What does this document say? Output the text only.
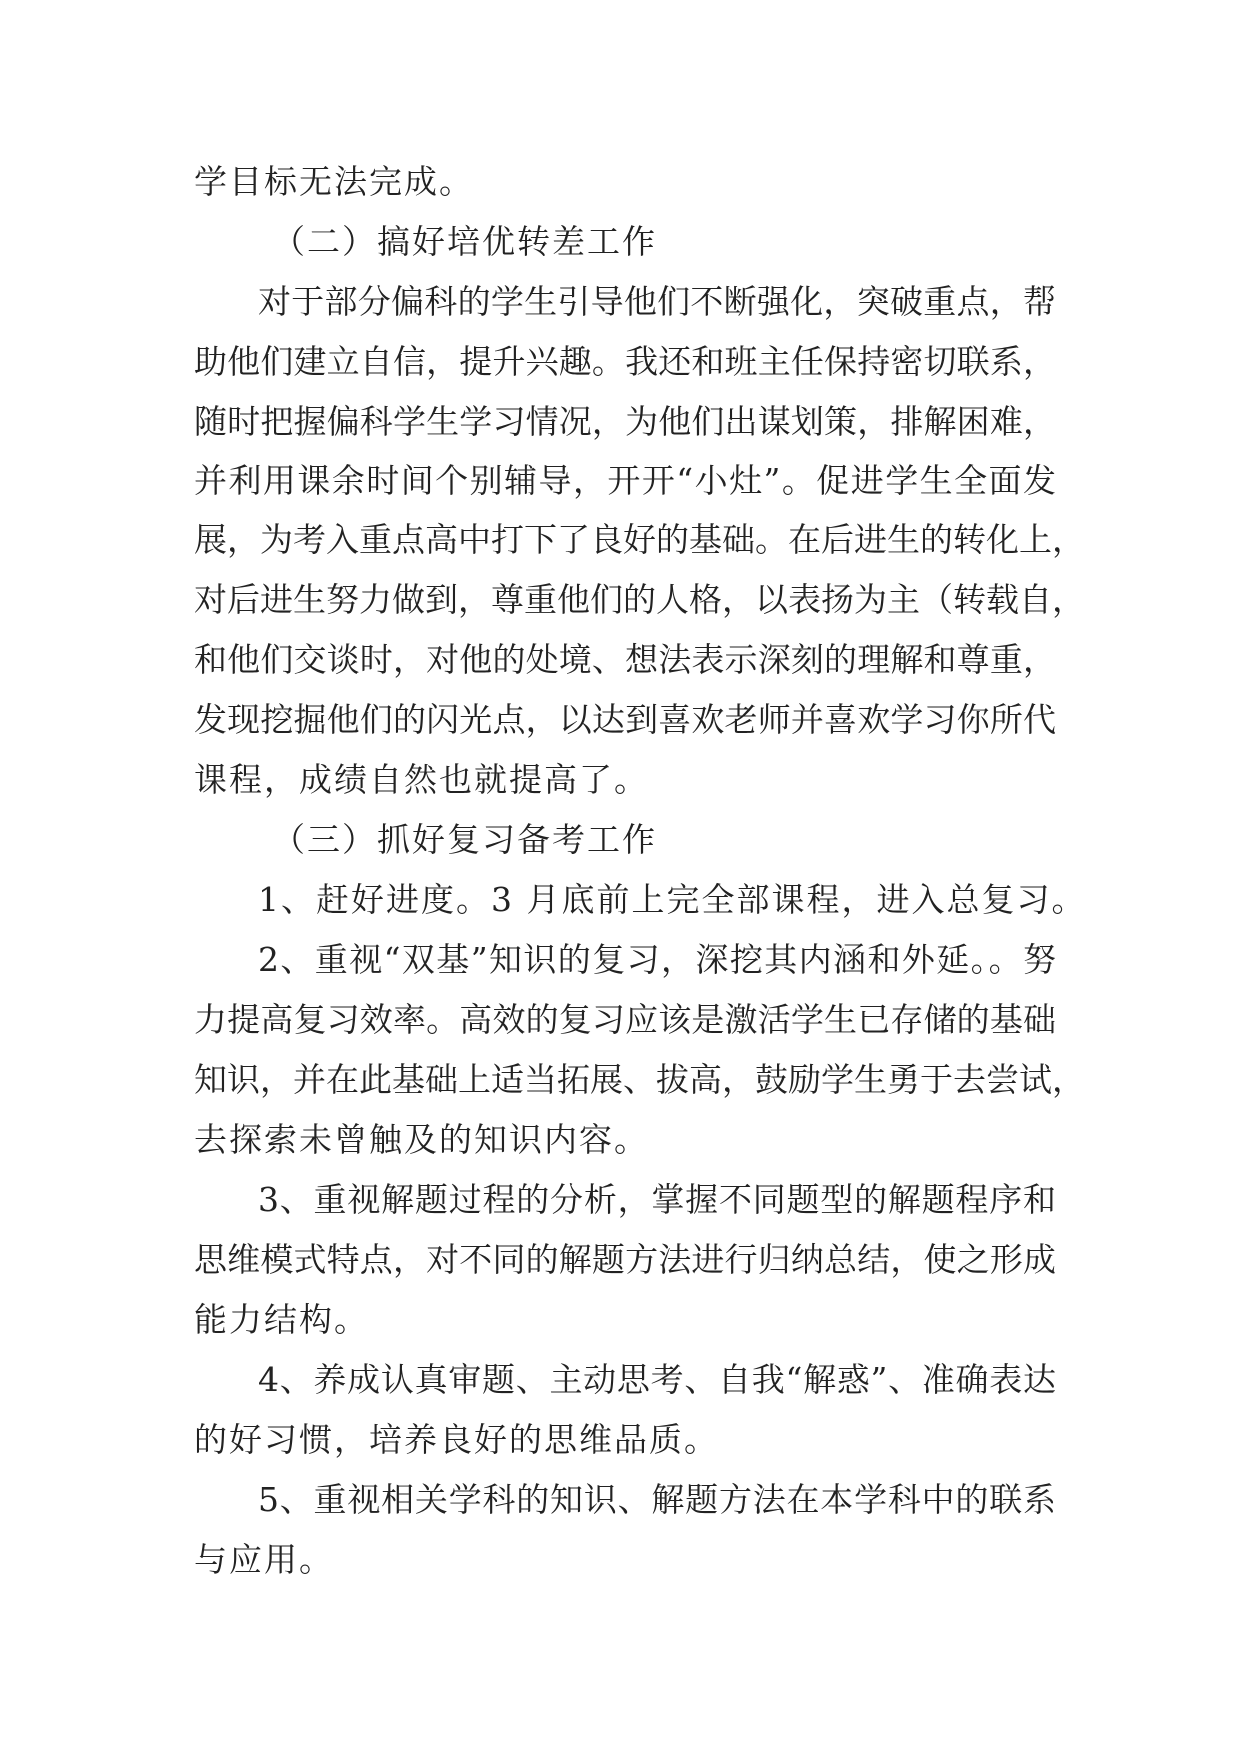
学目标无法完成。
（二）搞好培优转差工作
对于部分偏科的学生引导他们不断强化，突破重点，帮
助他们建立自信，提升兴趣。我还和班主任保持密切联系，
随时把握偏科学生学习情况，为他们出谋划策，排解困难，
并利用课余时间个别辅导，开开“小灶”。促进学生全面发
展，为考入重点高中打下了良好的基础。在后进生的转化上，
对后进生努力做到，尊重他们的人格，以表扬为主（转载自，
和他们交谈时，对他的处境、想法表示深刻的理解和尊重，
发现挖掘他们的闪光点，以达到喜欢老师并喜欢学习你所代
课程，成绩自然也就提高了。
（三）抓好复习备考工作
1、赶好进度。3 月底前上完全部课程，进入总复习。
2、重视“双基”知识的复习，深挖其内涵和外延。。努
力提高复习效率。高效的复习应该是激活学生已存储的基础
知识，并在此基础上适当拓展、拔高，鼓励学生勇于去尝试，
去探索未曾触及的知识内容。
3、重视解题过程的分析，掌握不同题型的解题程序和
思维模式特点，对不同的解题方法进行归纳总结，使之形成
能力结构。
4、养成认真审题、主动思考、自我“解惑”、准确表达
的好习惯，培养良好的思维品质。
5、重视相关学科的知识、解题方法在本学科中的联系
与应用。
